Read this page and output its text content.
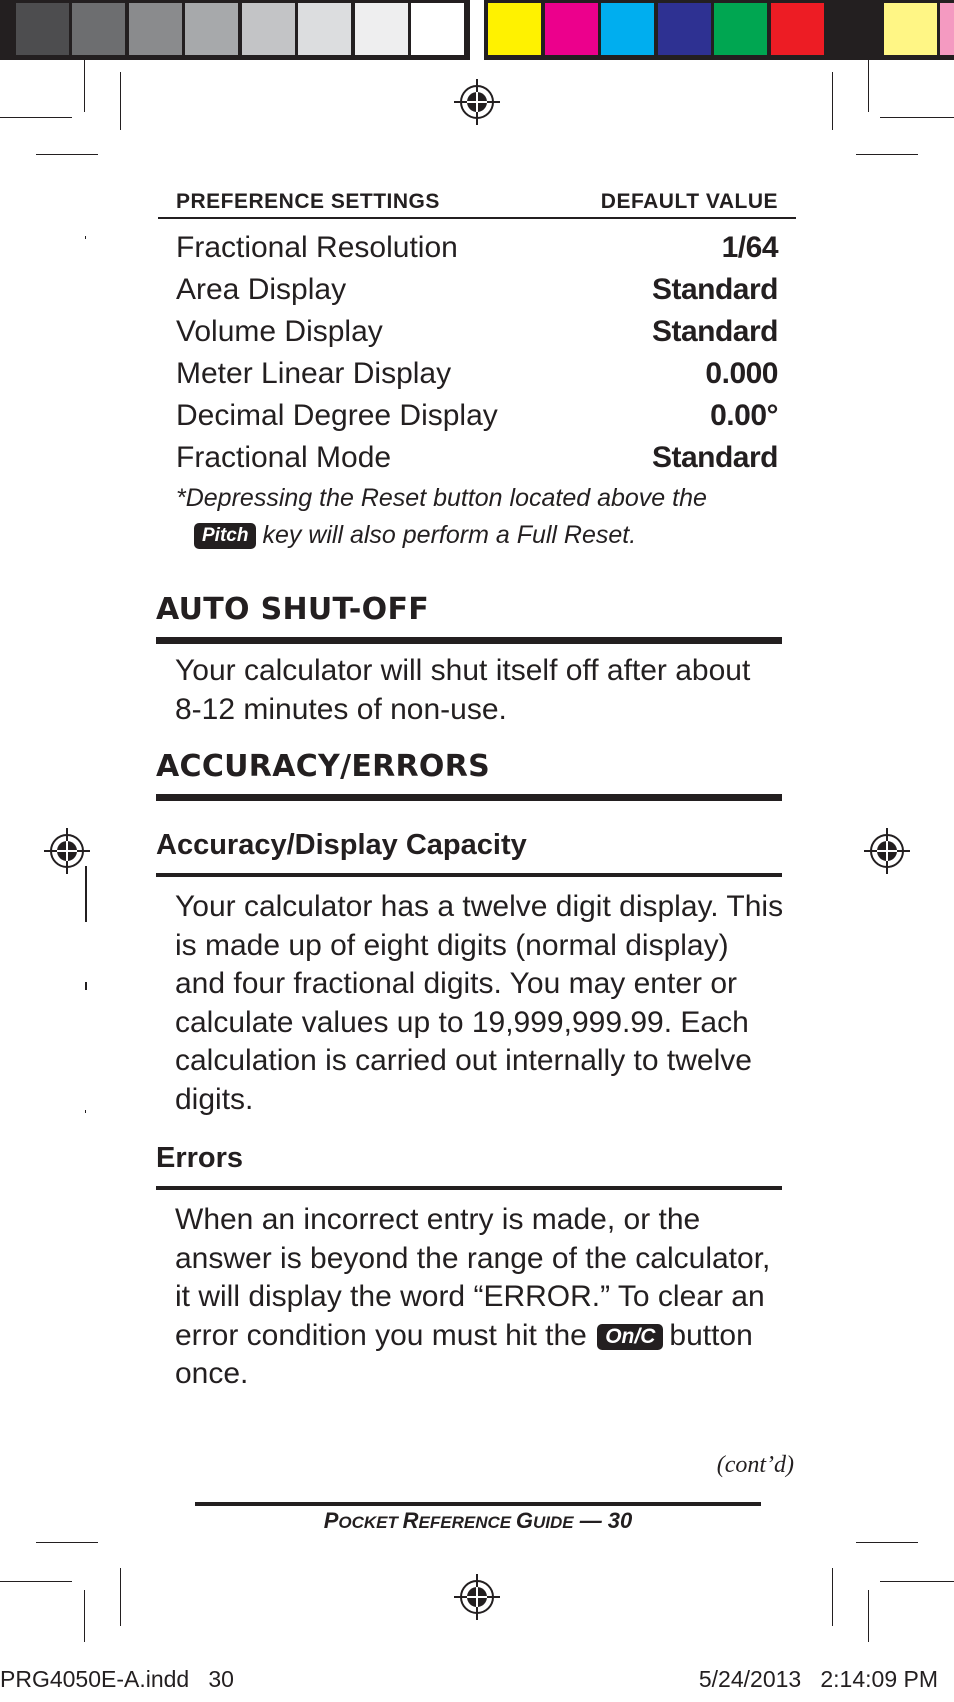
PREFERENCE SETTINGS	DEFAULT VALUE
Fractional Resolution	1/64
Area Display	Standard
Volume Display	Standard
Meter Linear Display	0.000
Decimal Degree Display	0.00°
Fractional Mode	Standard
*Depressing the Reset button located above the
Pitch key will also perform a Full Reset.
AUTO SHUT-OFF
Your calculator will shut itself off after about 8-12 minutes of non-use.
ACCURACY/ERRORS
Accuracy/Display Capacity
Your calculator has a twelve digit display. This is made up of eight digits (normal display) and four fractional digits. You may enter or calculate values up to 19,999,999.99. Each calculation is carried out internally to twelve digits.
Errors
When an incorrect entry is made, or the answer is beyond the range of the calculator, it will display the word “ERROR.” To clear an error condition you must hit the On/C button once.
(cont’d)
POCKET REFERENCE GUIDE — 30
PRG4050E-A.indd   30	5/24/2013   2:14:09 PM
